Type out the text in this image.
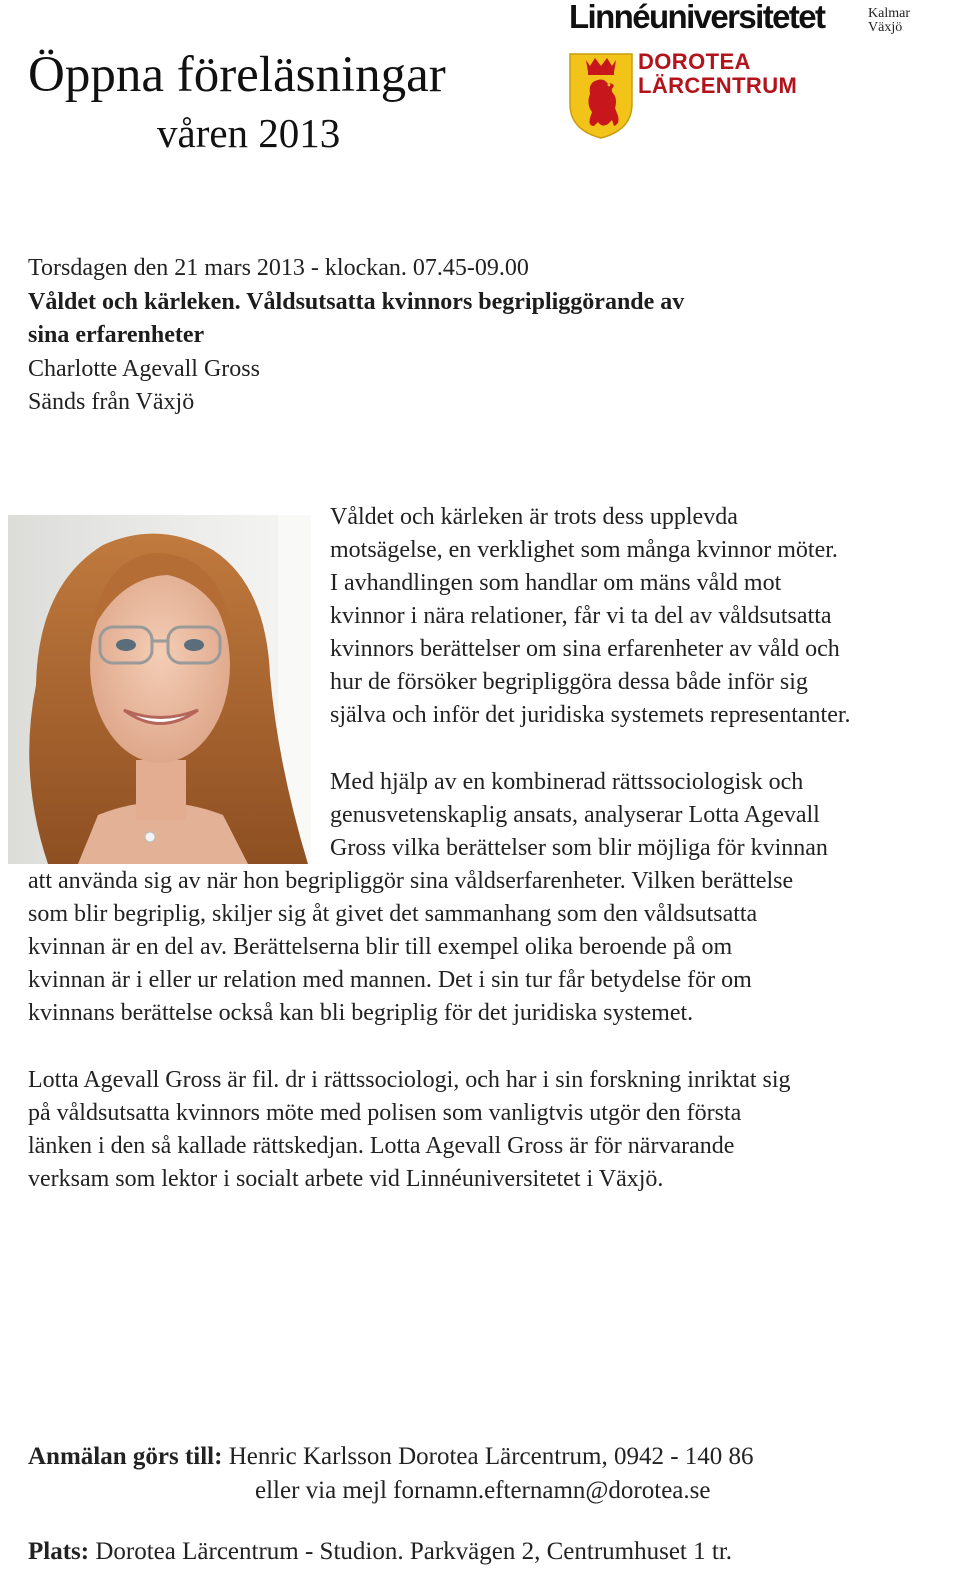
Öppna föreläsningar
våren 2013
Linnéuniversitetet	Kalmar
Växjö
DOROTEA
LÄRCENTRUM
Torsdagen den 21 mars 2013 - klockan. 07.45-09.00
Våldet och kärleken. Våldsutsatta kvinnors begripliggörande av
sina erfarenheter
Charlotte Agevall Gross
Sänds från Växjö
Våldet och kärleken är trots dess upplevda
motsägelse, en verklighet som många kvinnor möter.
I avhandlingen som handlar om mäns våld mot
kvinnor i nära relationer, får vi ta del av våldsutsatta
kvinnors berättelser om sina erfarenheter av våld och
hur de försöker begripliggöra dessa både inför sig
själva och inför det juridiska systemets representanter.
Med hjälp av en kombinerad rättssociologisk och
genusvetenskaplig ansats, analyserar Lotta Agevall
Gross vilka berättelser som blir möjliga för kvinnan
att använda sig av när hon begripliggör sina våldserfarenheter. Vilken berättelse
som blir begriplig, skiljer sig åt givet det sammanhang som den våldsutsatta
kvinnan är en del av. Berättelserna blir till exempel olika beroende på om
kvinnan är i eller ur relation med mannen. Det i sin tur får betydelse för om
kvinnans berättelse också kan bli begriplig för det juridiska systemet.
Lotta Agevall Gross är fil. dr i rättssociologi, och har i sin forskning inriktat sig
på våldsutsatta kvinnors möte med polisen som vanligtvis utgör den första
länken i den så kallade rättskedjan. Lotta Agevall Gross är för närvarande
verksam som lektor i socialt arbete vid Linnéuniversitetet i Växjö.
Anmälan görs till: Henric Karlsson Dorotea Lärcentrum, 0942 - 140 86
eller via mejl fornamn.efternamn@dorotea.se
Plats: Dorotea Lärcentrum - Studion. Parkvägen 2, Centrumhuset 1 tr.
